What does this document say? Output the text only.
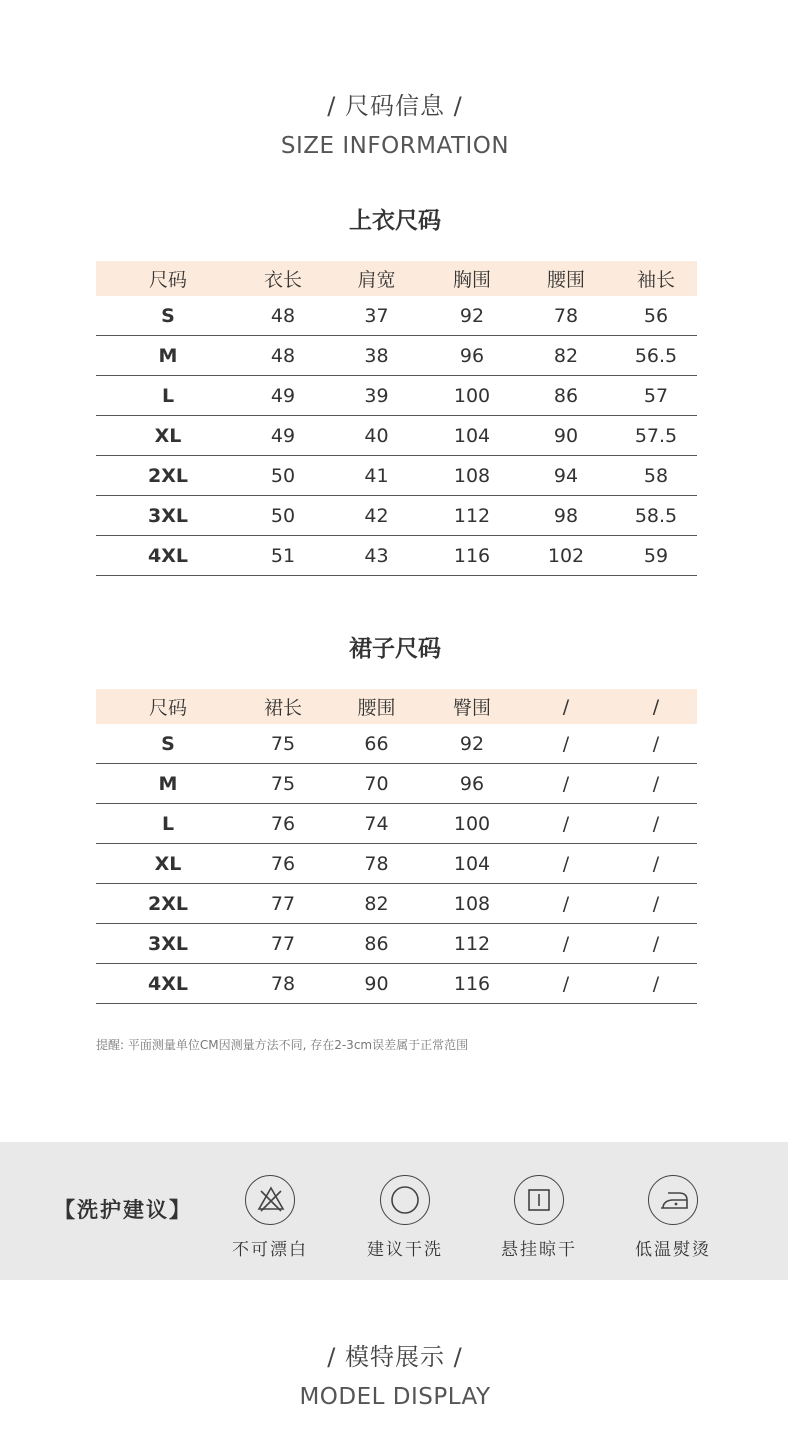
/ 尺码信息 /
SIZE INFORMATION
上衣尺码
尺码	衣长	肩宽	胸围	腰围	袖长
S	48	37	92	78	56
M	48	38	96	82	56.5
L	49	39	100	86	57
XL	49	40	104	90	57.5
2XL	50	41	108	94	58
3XL	50	42	112	98	58.5
4XL	51	43	116	102	59
裙子尺码
尺码	裙长	腰围	臀围	/	/
S	75	66	92	/	/
M	75	70	96	/	/
L	76	74	100	/	/
XL	76	78	104	/	/
2XL	77	82	108	/	/
3XL	77	86	112	/	/
4XL	78	90	116	/	/
提醒: 平面测量单位CM因测量方法不同, 存在2-3cm误差属于正常范围
【洗护建议】
不可漂白	建议干洗	悬挂晾干	低温熨烫
/ 模特展示 /
MODEL DISPLAY
